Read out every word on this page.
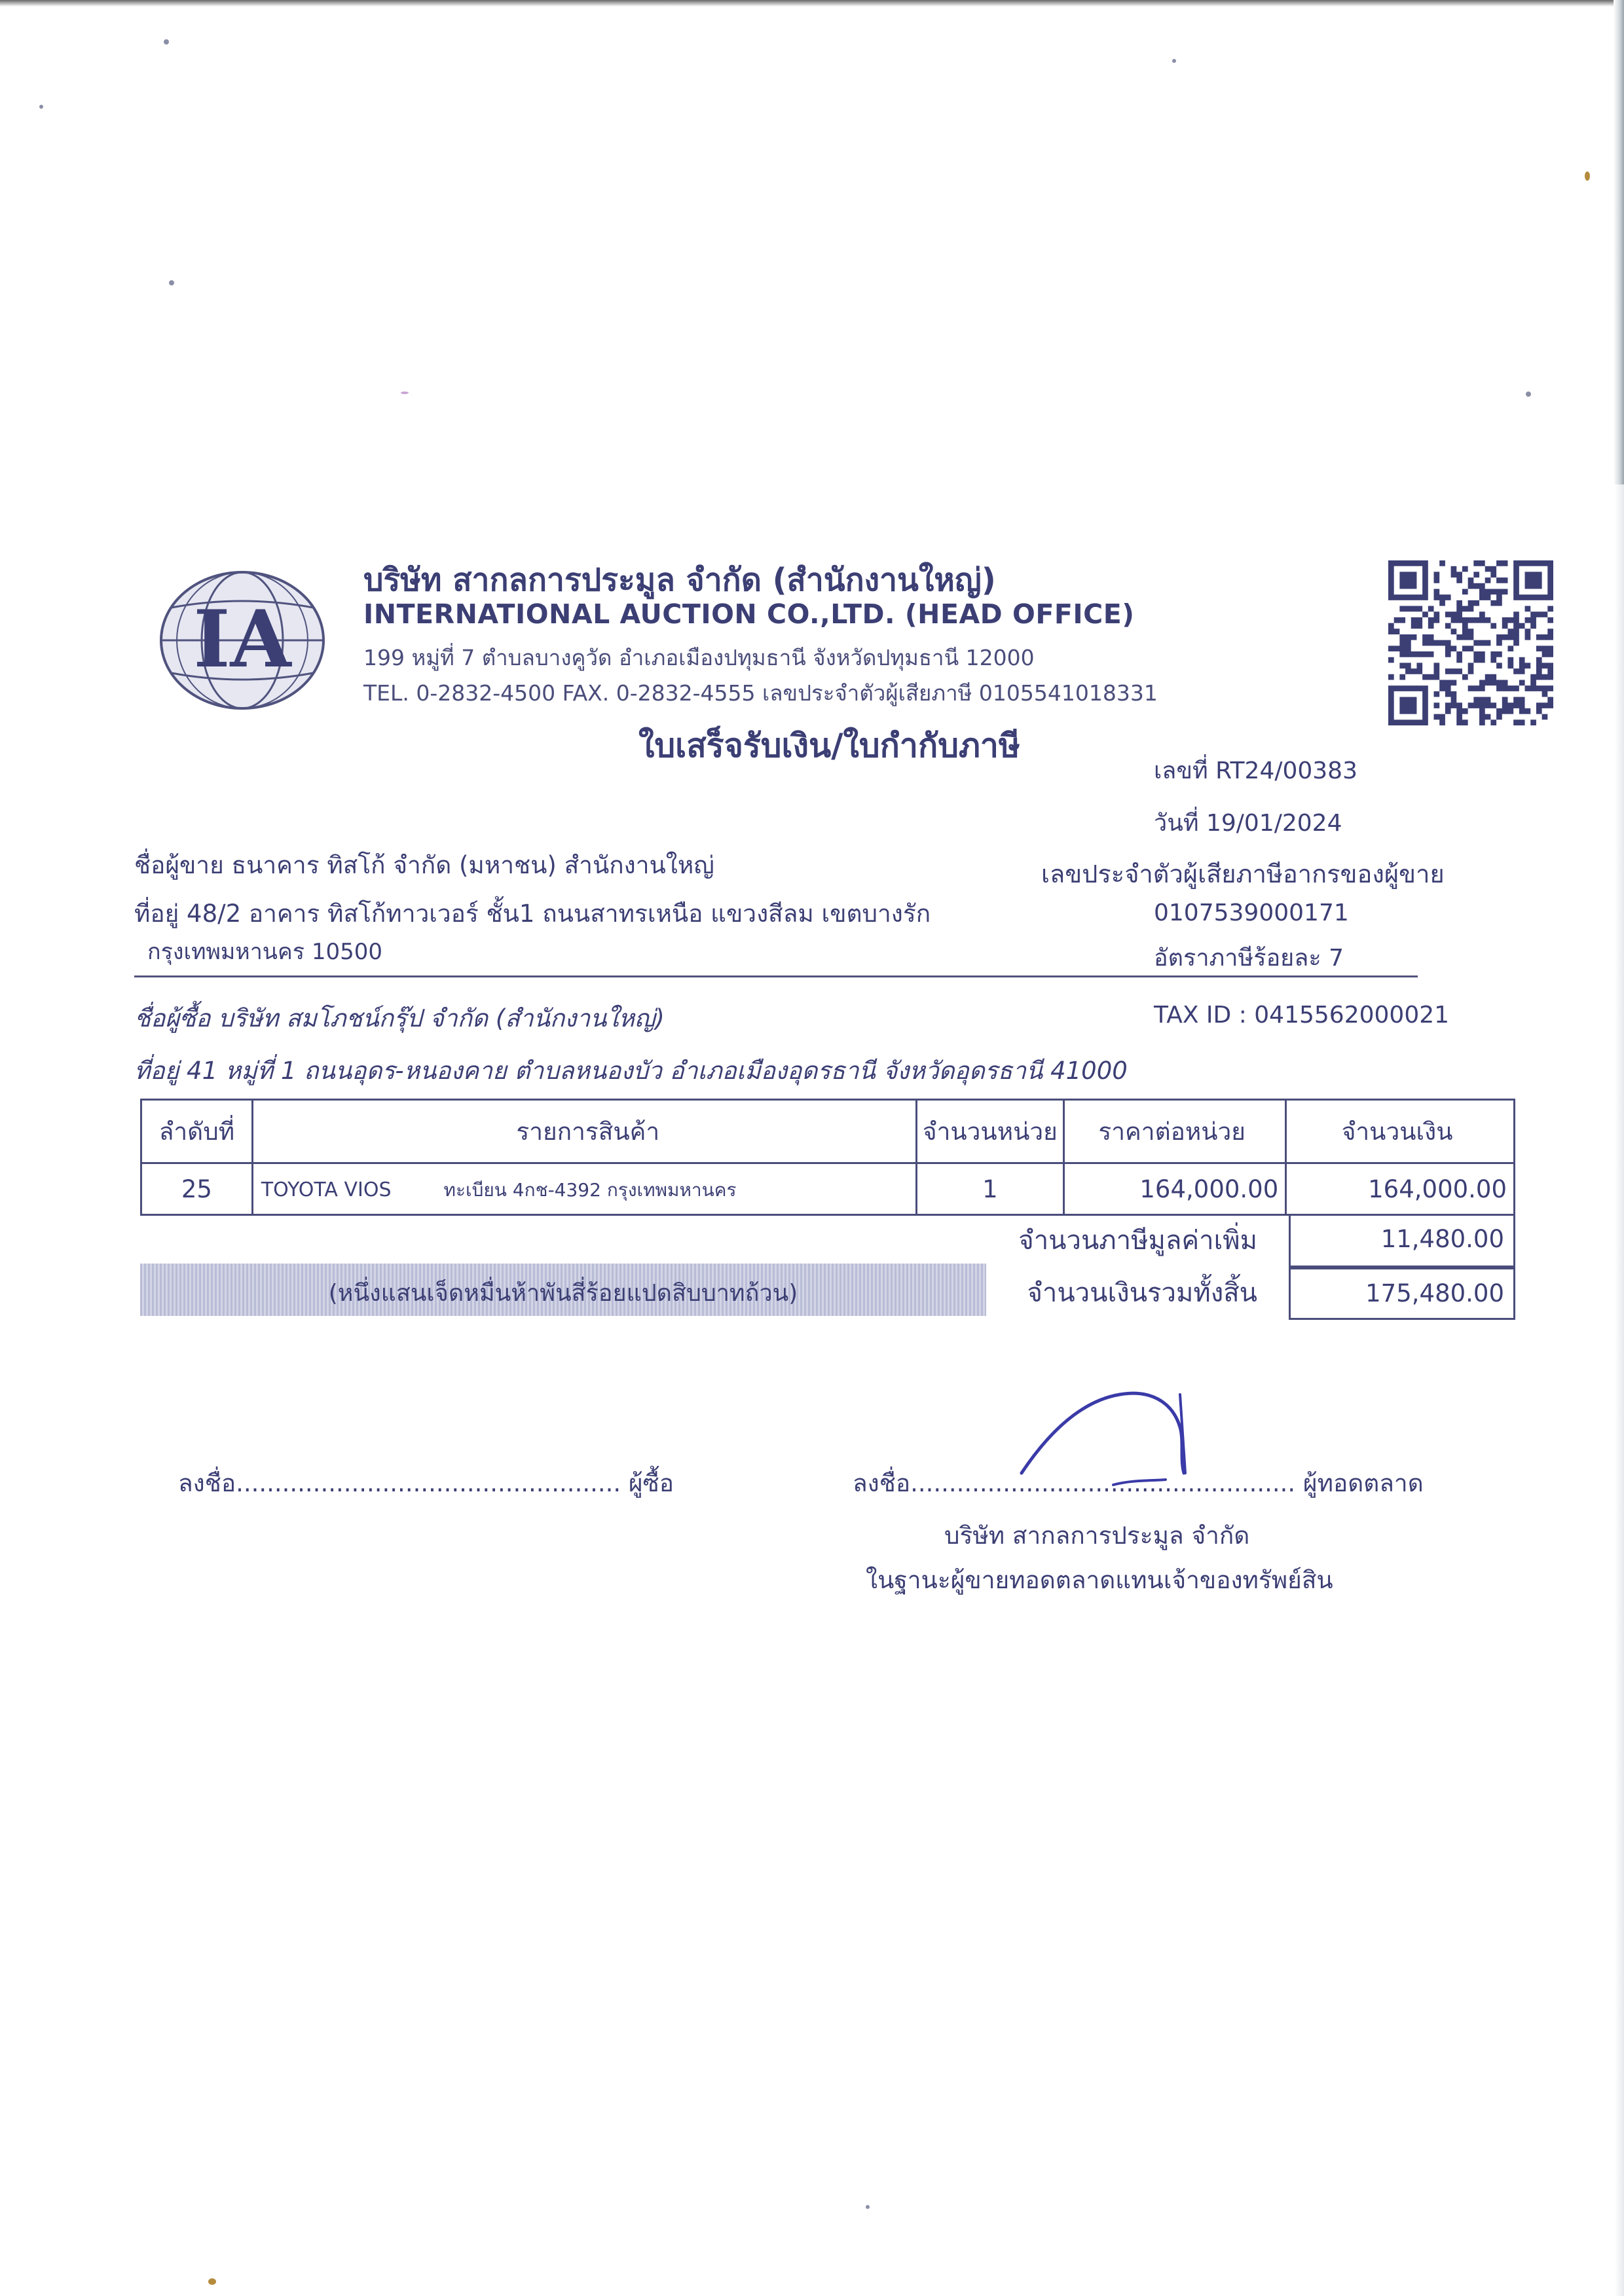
IA
บริษัท สากลการประมูล จำกัด (สำนักงานใหญ่)
INTERNATIONAL AUCTION CO.,LTD. (HEAD OFFICE)
199 หมู่ที่ 7 ตำบลบางคูวัด อำเภอเมืองปทุมธานี จังหวัดปทุมธานี 12000
TEL. 0-2832-4500 FAX. 0-2832-4555 เลขประจำตัวผู้เสียภาษี 0105541018331
ใบเสร็จรับเงิน/ใบกำกับภาษี
เลขที่ RT24/00383
วันที่ 19/01/2024
ชื่อผู้ขาย ธนาคาร ทิสโก้ จำกัด (มหาชน) สำนักงานใหญ่
ที่อยู่ 48/2 อาคาร ทิสโก้ทาวเวอร์ ชั้น1 ถนนสาทรเหนือ แขวงสีลม เขตบางรัก
กรุงเทพมหานคร 10500
เลขประจำตัวผู้เสียภาษีอากรของผู้ขาย
0107539000171
อัตราภาษีร้อยละ 7
ชื่อผู้ซื้อ บริษัท สมโภชน์กรุ๊ป จำกัด (สำนักงานใหญ่)	TAX ID : 0415562000021
ที่อยู่ 41 หมู่ที่ 1 ถนนอุดร-หนองคาย ตำบลหนองบัว อำเภอเมืองอุดรธานี จังหวัดอุดรธานี 41000
ลำดับที่	รายการสินค้า	จำนวนหน่วย	ราคาต่อหน่วย	จำนวนเงิน
25	TOYOTA VIOS ทะเบียน 4กช-4392 กรุงเทพมหานคร	1	164,000.00	164,000.00
จำนวนภาษีมูลค่าเพิ่ม	11,480.00
(หนึ่งแสนเจ็ดหมื่นห้าพันสี่ร้อยแปดสิบบาทถ้วน)	จำนวนเงินรวมทั้งสิ้น	175,480.00
ลงชื่อ.................................................. ผู้ซื้อ	ลงชื่อ.................................................. ผู้ทอดตลาด
บริษัท สากลการประมูล จำกัด
ในฐานะผู้ขายทอดตลาดแทนเจ้าของทรัพย์สิน
